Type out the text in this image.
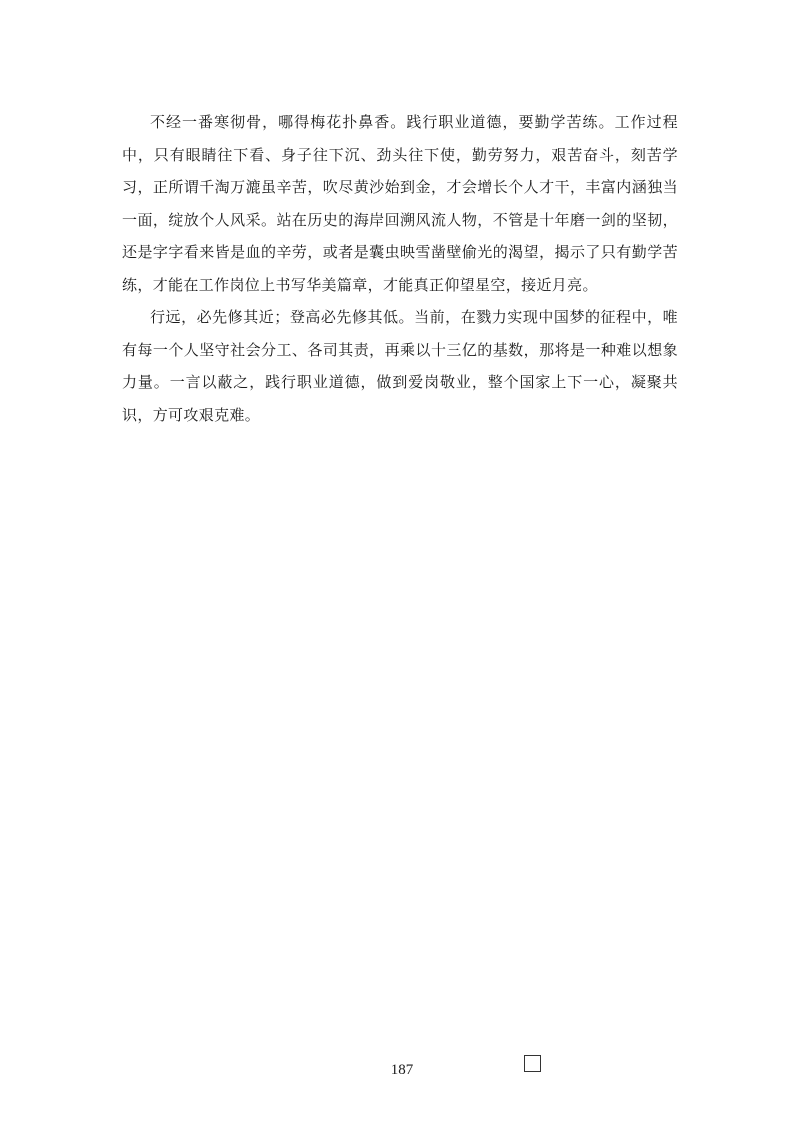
不经一番寒彻骨，哪得梅花扑鼻香。践行职业道德，要勤学苦练。工作过程中，只有眼睛往下看、身子往下沉、劲头往下使，勤劳努力，艰苦奋斗，刻苦学习，正所谓千淘万漉虽辛苦，吹尽黄沙始到金，才会增长个人才干，丰富内涵独当一面，绽放个人风采。站在历史的海岸回溯风流人物，不管是十年磨一剑的坚韧，还是字字看来皆是血的辛劳，或者是囊虫映雪凿壁偷光的渴望，揭示了只有勤学苦练，才能在工作岗位上书写华美篇章，才能真正仰望星空，接近月亮。

行远，必先修其近；登高必先修其低。当前，在戮力实现中国梦的征程中，唯有每一个人坚守社会分工、各司其责，再乘以十三亿的基数，那将是一种难以想象力量。一言以蔽之，践行职业道德，做到爱岗敬业，整个国家上下一心，凝聚共识，方可攻艰克难。

187
